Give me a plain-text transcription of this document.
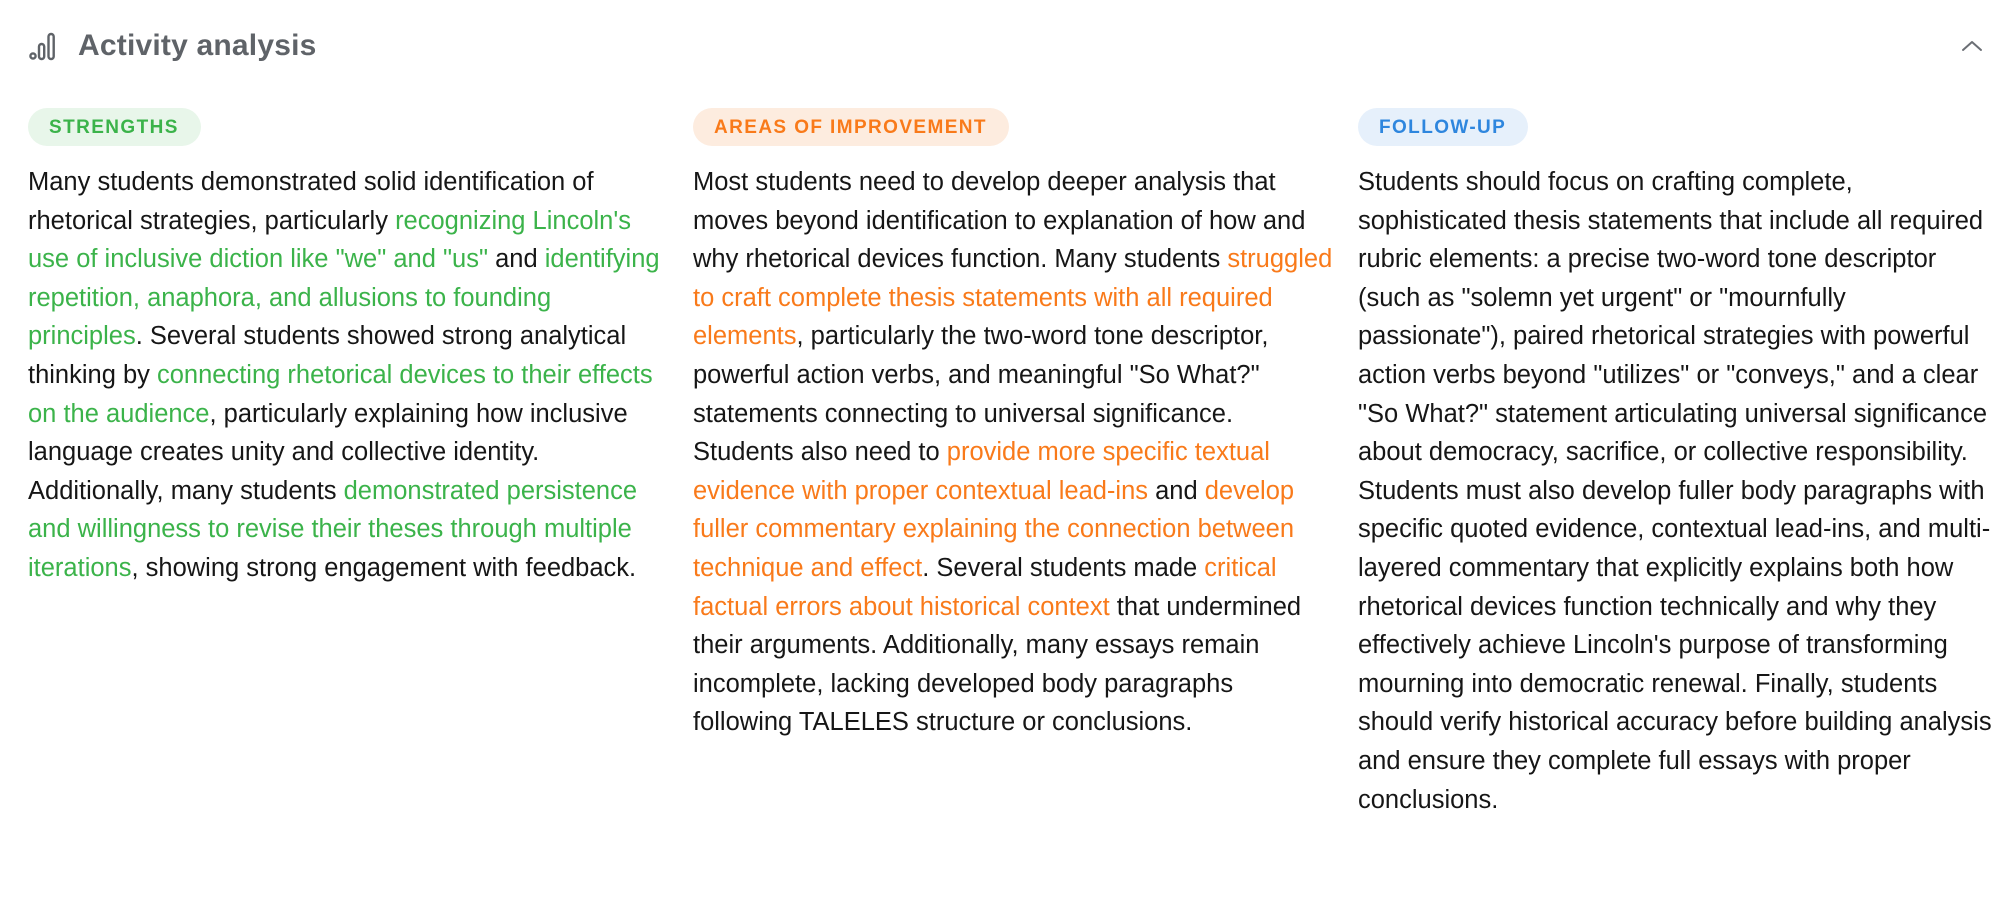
Activity analysis
STRENGTHS
Many students demonstrated solid identification of rhetorical strategies, particularly recognizing Lincoln's use of inclusive diction like "we" and "us" and identifying repetition, anaphora, and allusions to founding principles. Several students showed strong analytical thinking by connecting rhetorical devices to their effects on the audience, particularly explaining how inclusive language creates unity and collective identity. Additionally, many students demonstrated persistence and willingness to revise their theses through multiple iterations, showing strong engagement with feedback.
AREAS OF IMPROVEMENT
Most students need to develop deeper analysis that moves beyond identification to explanation of how and why rhetorical devices function. Many students struggled to craft complete thesis statements with all required elements, particularly the two-word tone descriptor, powerful action verbs, and meaningful "So What?" statements connecting to universal significance. Students also need to provide more specific textual evidence with proper contextual lead-ins and develop fuller commentary explaining the connection between technique and effect. Several students made critical factual errors about historical context that undermined their arguments. Additionally, many essays remain incomplete, lacking developed body paragraphs following TALELES structure or conclusions.
FOLLOW-UP
Students should focus on crafting complete, sophisticated thesis statements that include all required rubric elements: a precise two-word tone descriptor (such as "solemn yet urgent" or "mournfully passionate"), paired rhetorical strategies with powerful action verbs beyond "utilizes" or "conveys," and a clear "So What?" statement articulating universal significance about democracy, sacrifice, or collective responsibility. Students must also develop fuller body paragraphs with specific quoted evidence, contextual lead-ins, and multi-layered commentary that explicitly explains both how rhetorical devices function technically and why they effectively achieve Lincoln's purpose of transforming mourning into democratic renewal. Finally, students should verify historical accuracy before building analysis and ensure they complete full essays with proper conclusions.
